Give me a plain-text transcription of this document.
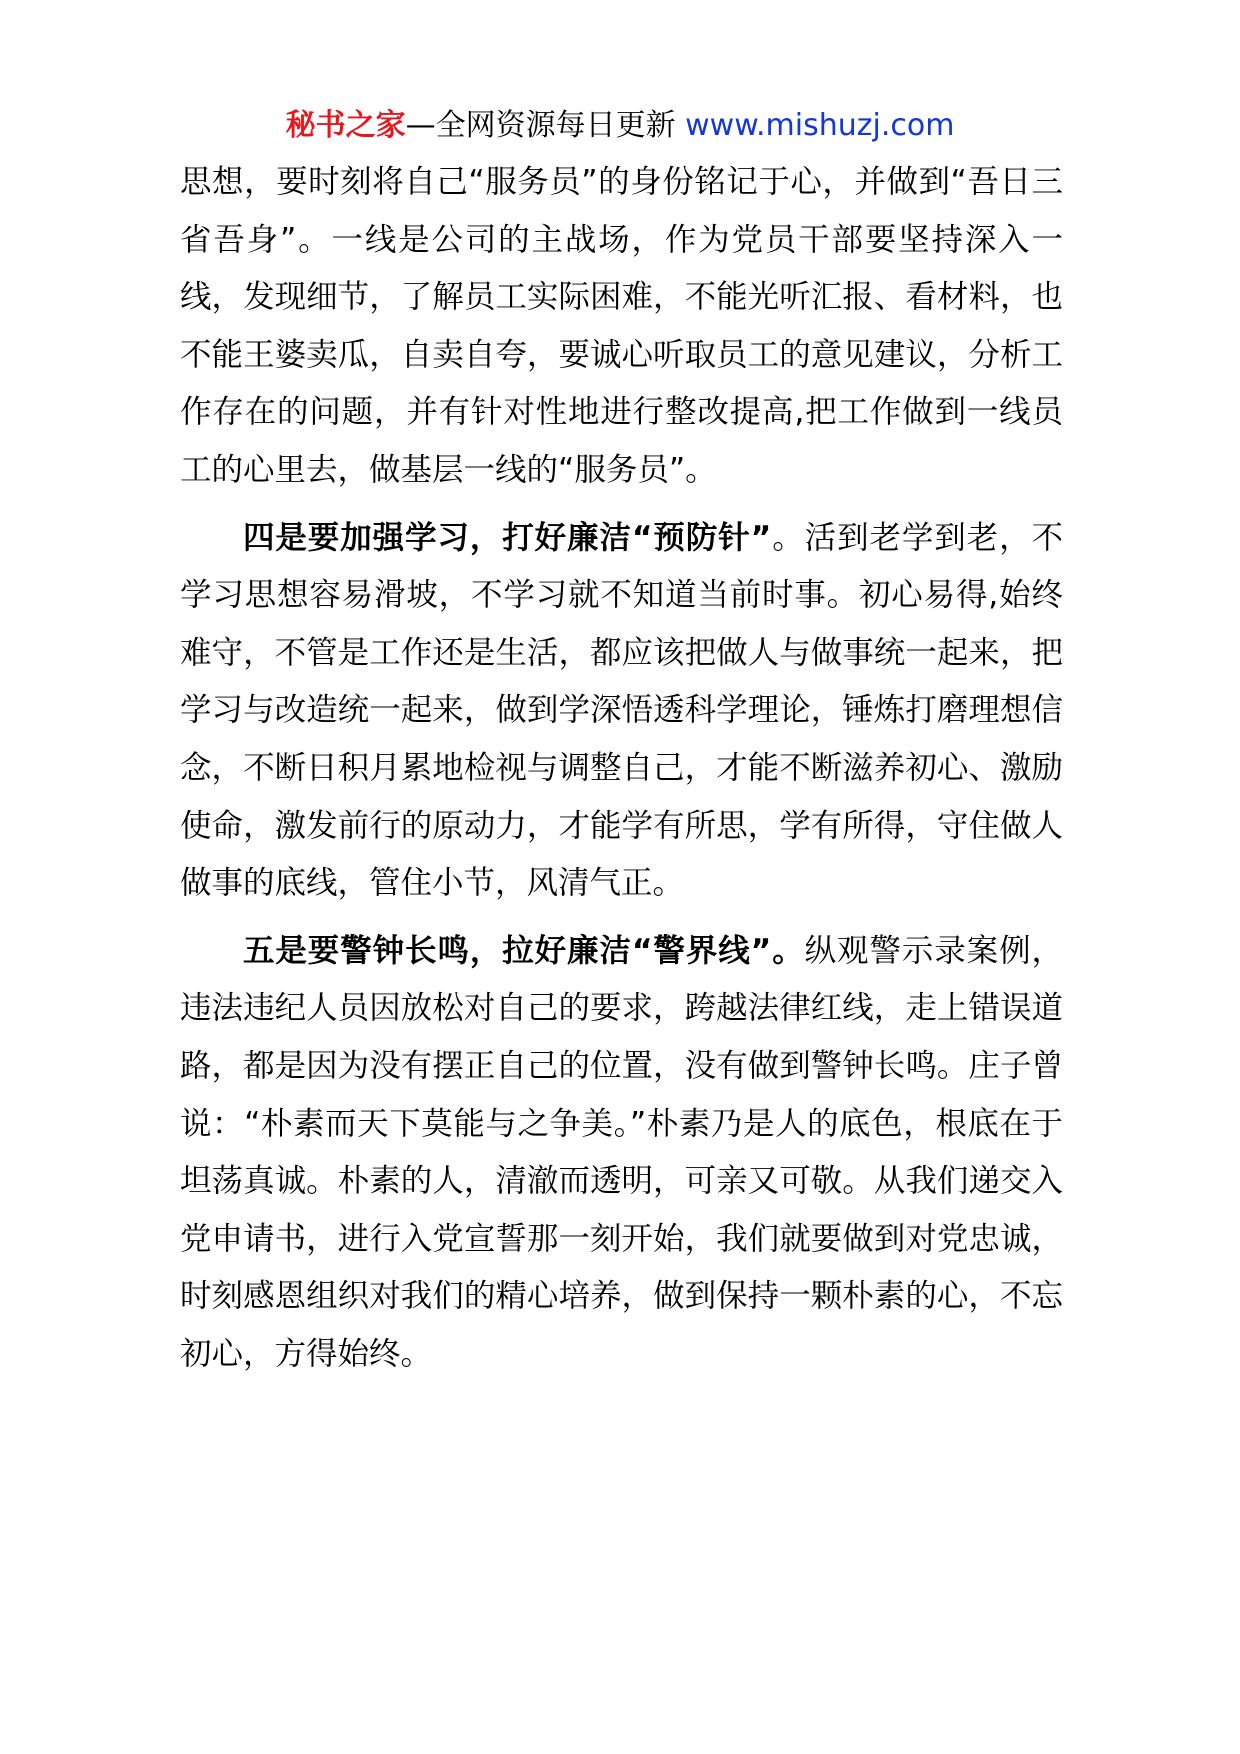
秘书之家—全网资源每日更新 www.mishuzj.com

思想，要时刻将自己“服务员”的身份铭记于心，并做到“吾日三省吾身”。一线是公司的主战场，作为党员干部要坚持深入一线，发现细节，了解员工实际困难，不能光听汇报、看材料，也不能王婆卖瓜，自卖自夸，要诚心听取员工的意见建议，分析工作存在的问题，并有针对性地进行整改提高,把工作做到一线员工的心里去，做基层一线的“服务员”。

四是要加强学习，打好廉洁“预防针”。活到老学到老，不学习思想容易滑坡，不学习就不知道当前时事。初心易得,始终难守，不管是工作还是生活，都应该把做人与做事统一起来，把学习与改造统一起来，做到学深悟透科学理论，锤炼打磨理想信念，不断日积月累地检视与调整自己，才能不断滋养初心、激励使命，激发前行的原动力，才能学有所思，学有所得，守住做人做事的底线，管住小节，风清气正。

五是要警钟长鸣，拉好廉洁“警界线”。纵观警示录案例，违法违纪人员因放松对自己的要求，跨越法律红线，走上错误道路，都是因为没有摆正自己的位置，没有做到警钟长鸣。庄子曾说：“朴素而天下莫能与之争美。”朴素乃是人的底色，根底在于坦荡真诚。朴素的人，清澈而透明，可亲又可敬。从我们递交入党申请书，进行入党宣誓那一刻开始，我们就要做到对党忠诚，时刻感恩组织对我们的精心培养，做到保持一颗朴素的心，不忘初心，方得始终。
